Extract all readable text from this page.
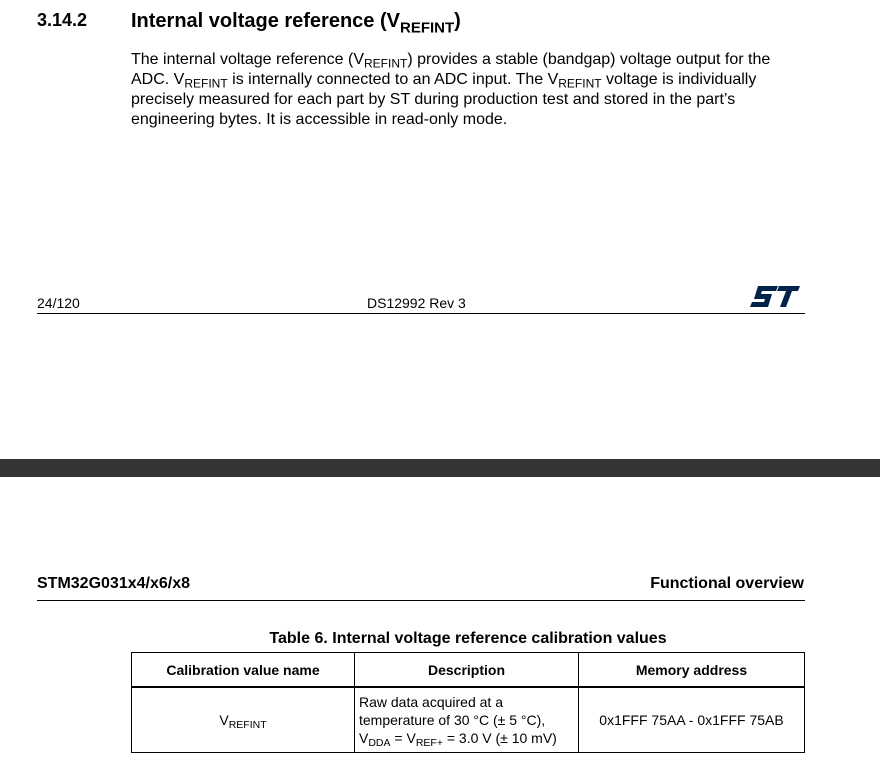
3.14.2 Internal voltage reference $(V_{REFINT})$

The internal voltage reference $(V_{REFINT})$ provides a stable (bandgap) voltage output for the

ADC. $V_{REFINT}$ is internally connected to an ADC input. The $V_{REFINT}$ voltage is individually

precisely measured for each part by ST during production test and stored in the part’s

engineering bytes. It is accessible in read-only mode.

24/120	DS12992 Rev 3
STM32G031x4/x6/x8	Functional overview
Table 6. Internal voltage reference calibration values
Calibration value name	Description	Memory address
$V_{REFINT}$	Raw data acquired at a
temperature of 30 °C (± 5 °C),
$V_{DDA} = V_{REF+} = 3.0$ V (± 10 mV)	0x1FFF 75AA - 0x1FFF 75AB
